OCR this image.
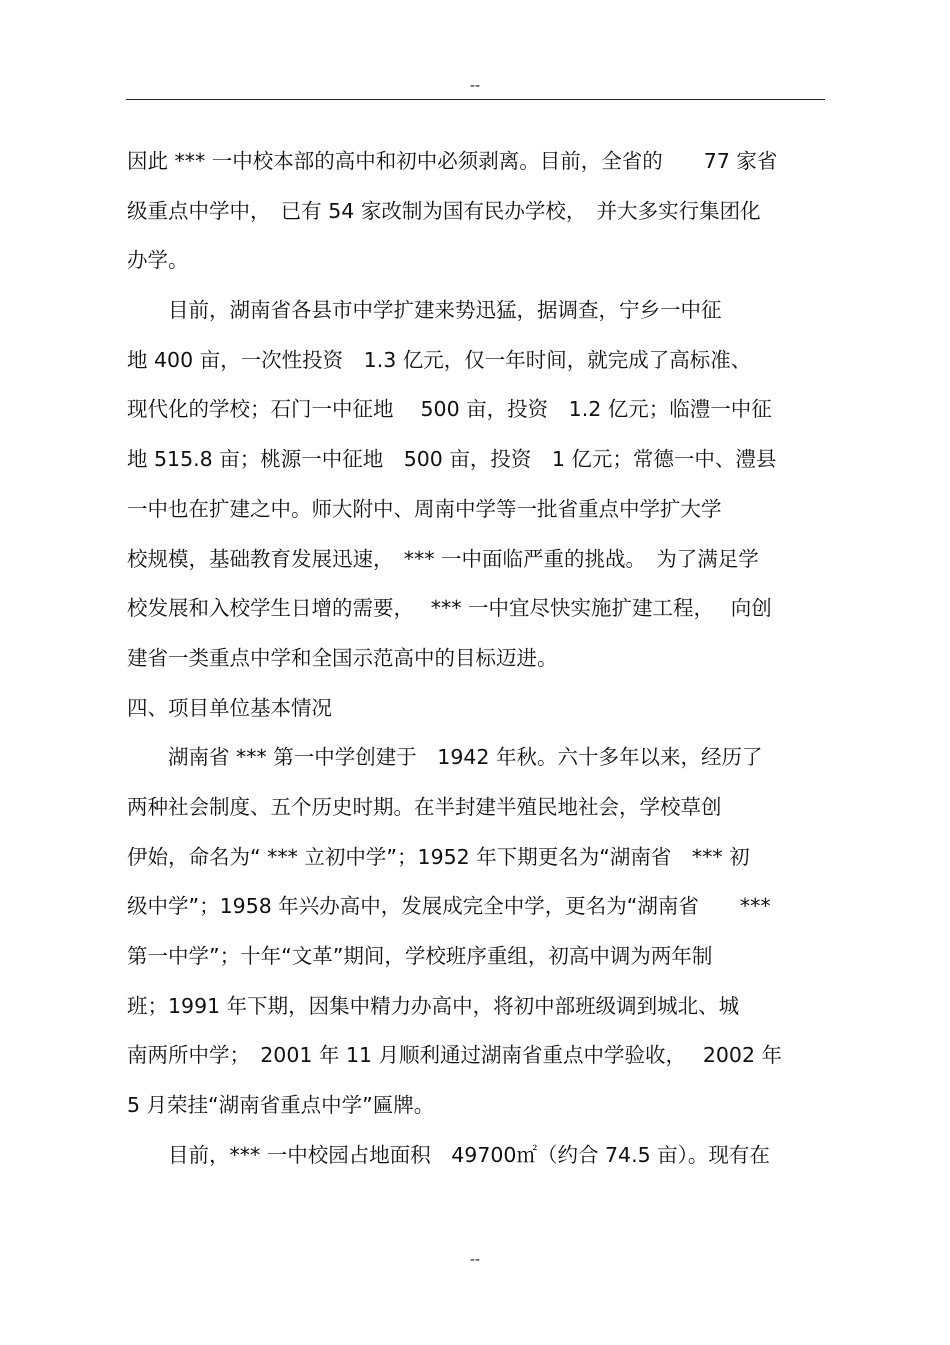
--
因此 *** 一中校本部的高中和初中必须剥离。目前，全省的　　77 家省
级重点中学中，　已有 54 家改制为国有民办学校，　并大多实行集团化
办学。
　　目前，湖南省各县市中学扩建来势迅猛，据调查，宁乡一中征
地 400 亩，一次性投资　1.3 亿元，仅一年时间，就完成了高标准、
现代化的学校；石门一中征地　 500 亩，投资　1.2 亿元；临澧一中征
地 515.8 亩；桃源一中征地　500 亩，投资　1 亿元；常德一中、澧县
一中也在扩建之中。师大附中、周南中学等一批省重点中学扩大学
校规模，基础教育发展迅速，　*** 一中面临严重的挑战。　为了满足学
校发展和入校学生日增的需要，　 *** 一中宜尽快实施扩建工程，　 向创
建省一类重点中学和全国示范高中的目标迈进。
四、项目单位基本情况
　　湖南省 *** 第一中学创建于　1942 年秋。六十多年以来，经历了
两种社会制度、五个历史时期。在半封建半殖民地社会，学校草创
伊始，命名为“ *** 立初中学”；1952 年下期更名为“湖南省　*** 初
级中学”；1958 年兴办高中，发展成完全中学，更名为“湖南省　　***
第一中学”；十年“文革”期间，学校班序重组，初高中调为两年制
班；1991 年下期，因集中精力办高中，将初中部班级调到城北、城
南两所中学；　2001 年 11 月顺利通过湖南省重点中学验收，　 2002 年
5 月荣挂“湖南省重点中学”匾牌。
　　目前，*** 一中校园占地面积　49700㎡（约合 74.5 亩）。现有在
--
